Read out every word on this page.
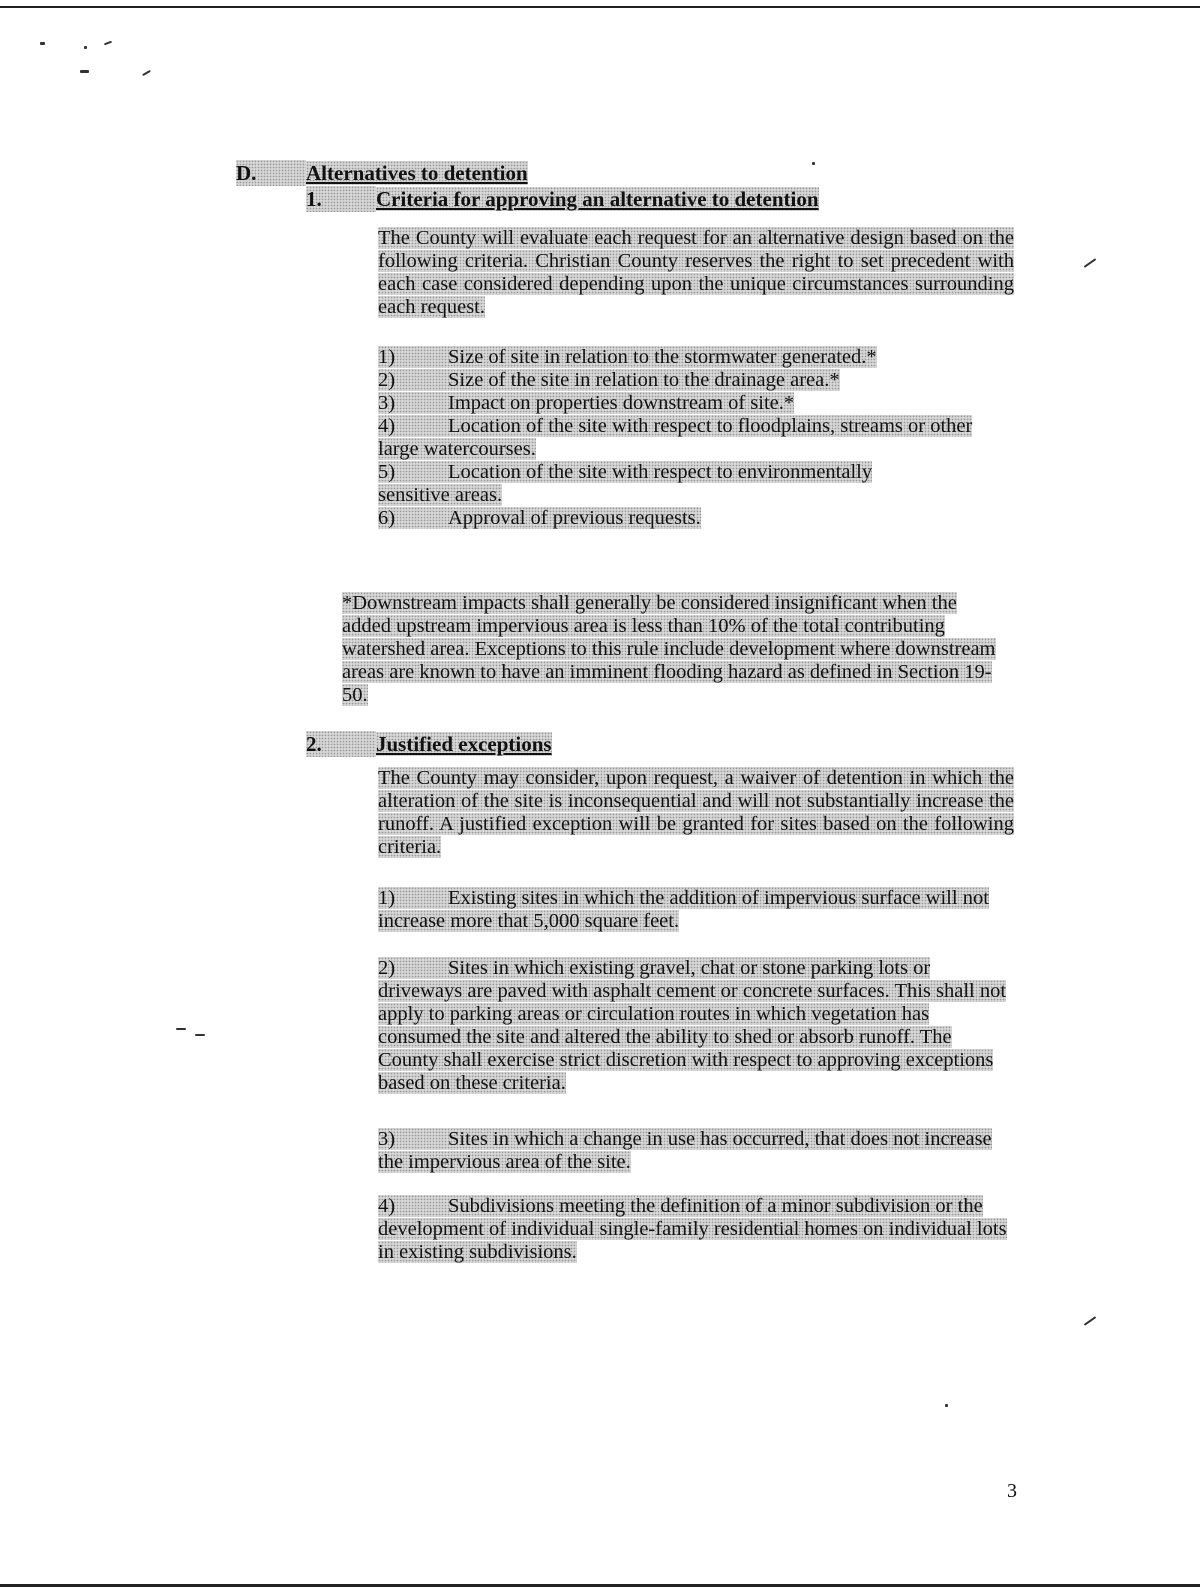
D. Alternatives to detention
1.	Criteria for approving an alternative to detention
The County will evaluate each request for an alternative design based on the following criteria. Christian County reserves the right to set precedent with each case considered depending upon the unique circumstances surrounding each request.

1)	Size of site in relation to the stormwater generated.*

2)	Size of the site in relation to the drainage area.*

3)	Impact on properties downstream of site.*

4)	Location of the site with respect to floodplains, streams or other large watercourses.

5)	Location of the site with respect to environmentally sensitive areas.

6)	Approval of previous requests.

*Downstream impacts shall generally be considered insignificant when the added upstream impervious area is less than 10% of the total contributing watershed area. Exceptions to this rule include development where downstream areas are known to have an imminent flooding hazard as defined in Section 19-50.
2.	Justified exceptions
The County may consider, upon request, a waiver of detention in which the alteration of the site is inconsequential and will not substantially increase the runoff. A justified exception will be granted for sites based on the following criteria.
1)	Existing sites in which the addition of impervious surface will not increase more that 5,000 square feet.
2)	Sites in which existing gravel, chat or stone parking lots or driveways are paved with asphalt cement or concrete surfaces. This shall not apply to parking areas or circulation routes in which vegetation has consumed the site and altered the ability to shed or absorb runoff. The County shall exercise strict discretion with respect to approving exceptions based on these criteria.
3)	Sites in which a change in use has occurred, that does not increase the impervious area of the site.
4)	Subdivisions meeting the definition of a minor subdivision or the development of individual single-family residential homes on individual lots in existing subdivisions.
3
